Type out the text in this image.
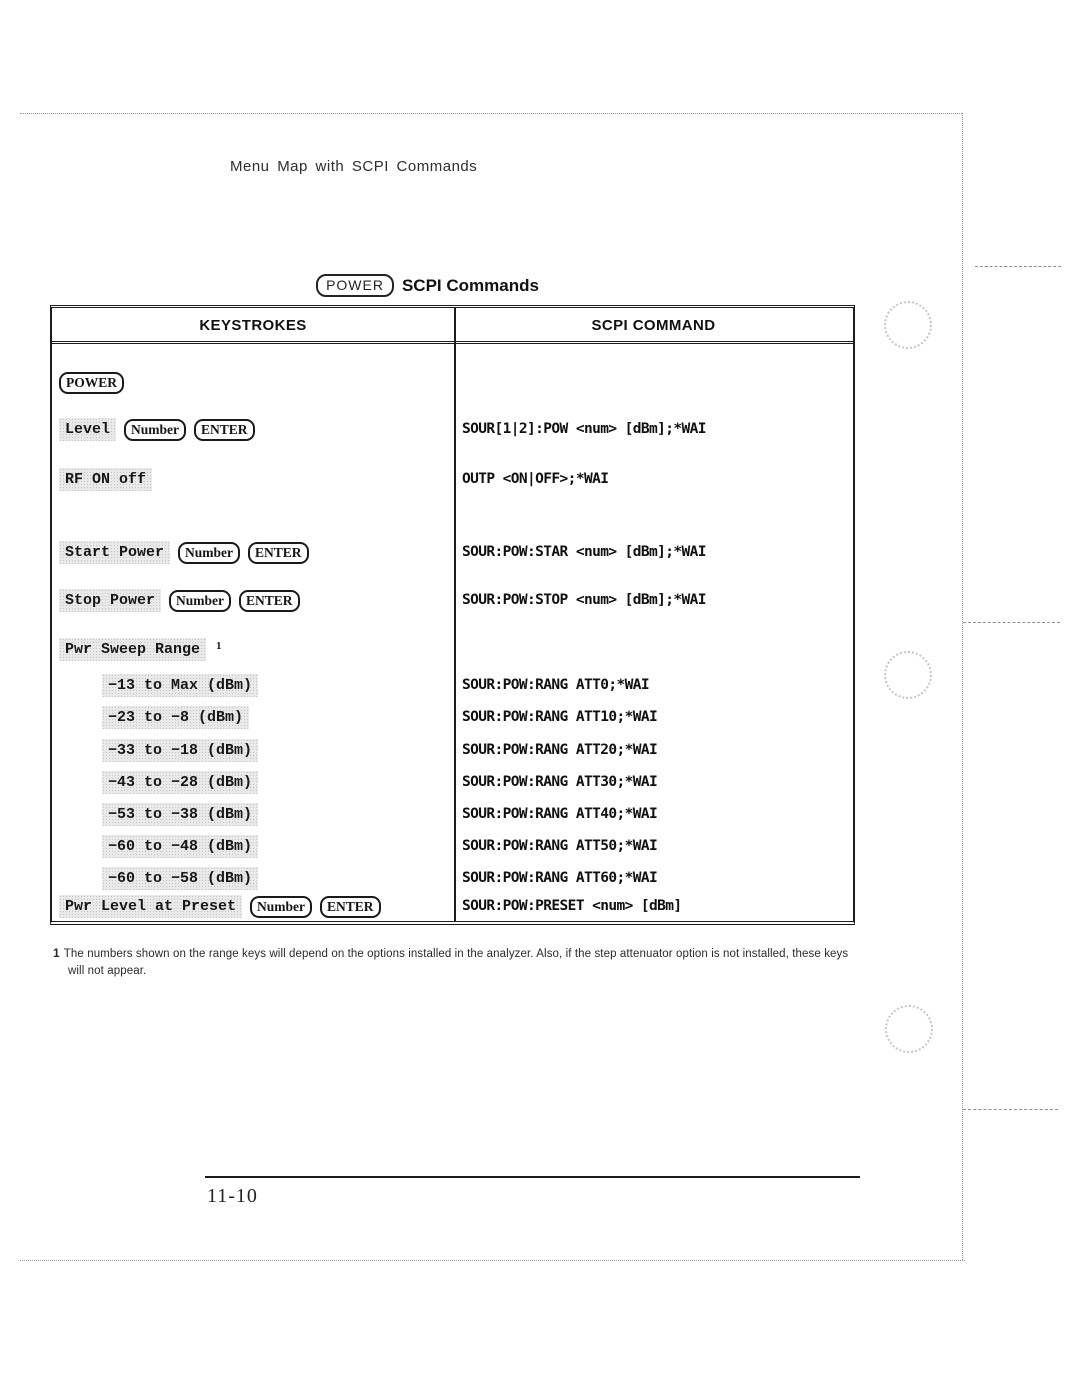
Menu Map with SCPI Commands
POWER	SCPI Commands
KEYSTROKES	SCPI COMMAND
POWER
Level	Number	ENTER	SOUR[1|2]:POW <num> [dBm];*WAI
RF ON off	OUTP <ON|OFF>;*WAI
Start Power	Number	ENTER	SOUR:POW:STAR <num> [dBm];*WAI
Stop Power	Number	ENTER	SOUR:POW:STOP <num> [dBm];*WAI
Pwr Sweep Range	1
−13 to Max (dBm)	SOUR:POW:RANG ATT0;*WAI
−23 to −8 (dBm)	SOUR:POW:RANG ATT10;*WAI
−33 to −18 (dBm)	SOUR:POW:RANG ATT20;*WAI
−43 to −28 (dBm)	SOUR:POW:RANG ATT30;*WAI
−53 to −38 (dBm)	SOUR:POW:RANG ATT40;*WAI
−60 to −48 (dBm)	SOUR:POW:RANG ATT50;*WAI
−60 to −58 (dBm)	SOUR:POW:RANG ATT60;*WAI
Pwr Level at Preset	Number	ENTER	SOUR:POW:PRESET <num> [dBm]
1 The numbers shown on the range keys will depend on the options installed in the analyzer. Also, if the step attenuator option is not installed, these keys will not appear.
11-10
